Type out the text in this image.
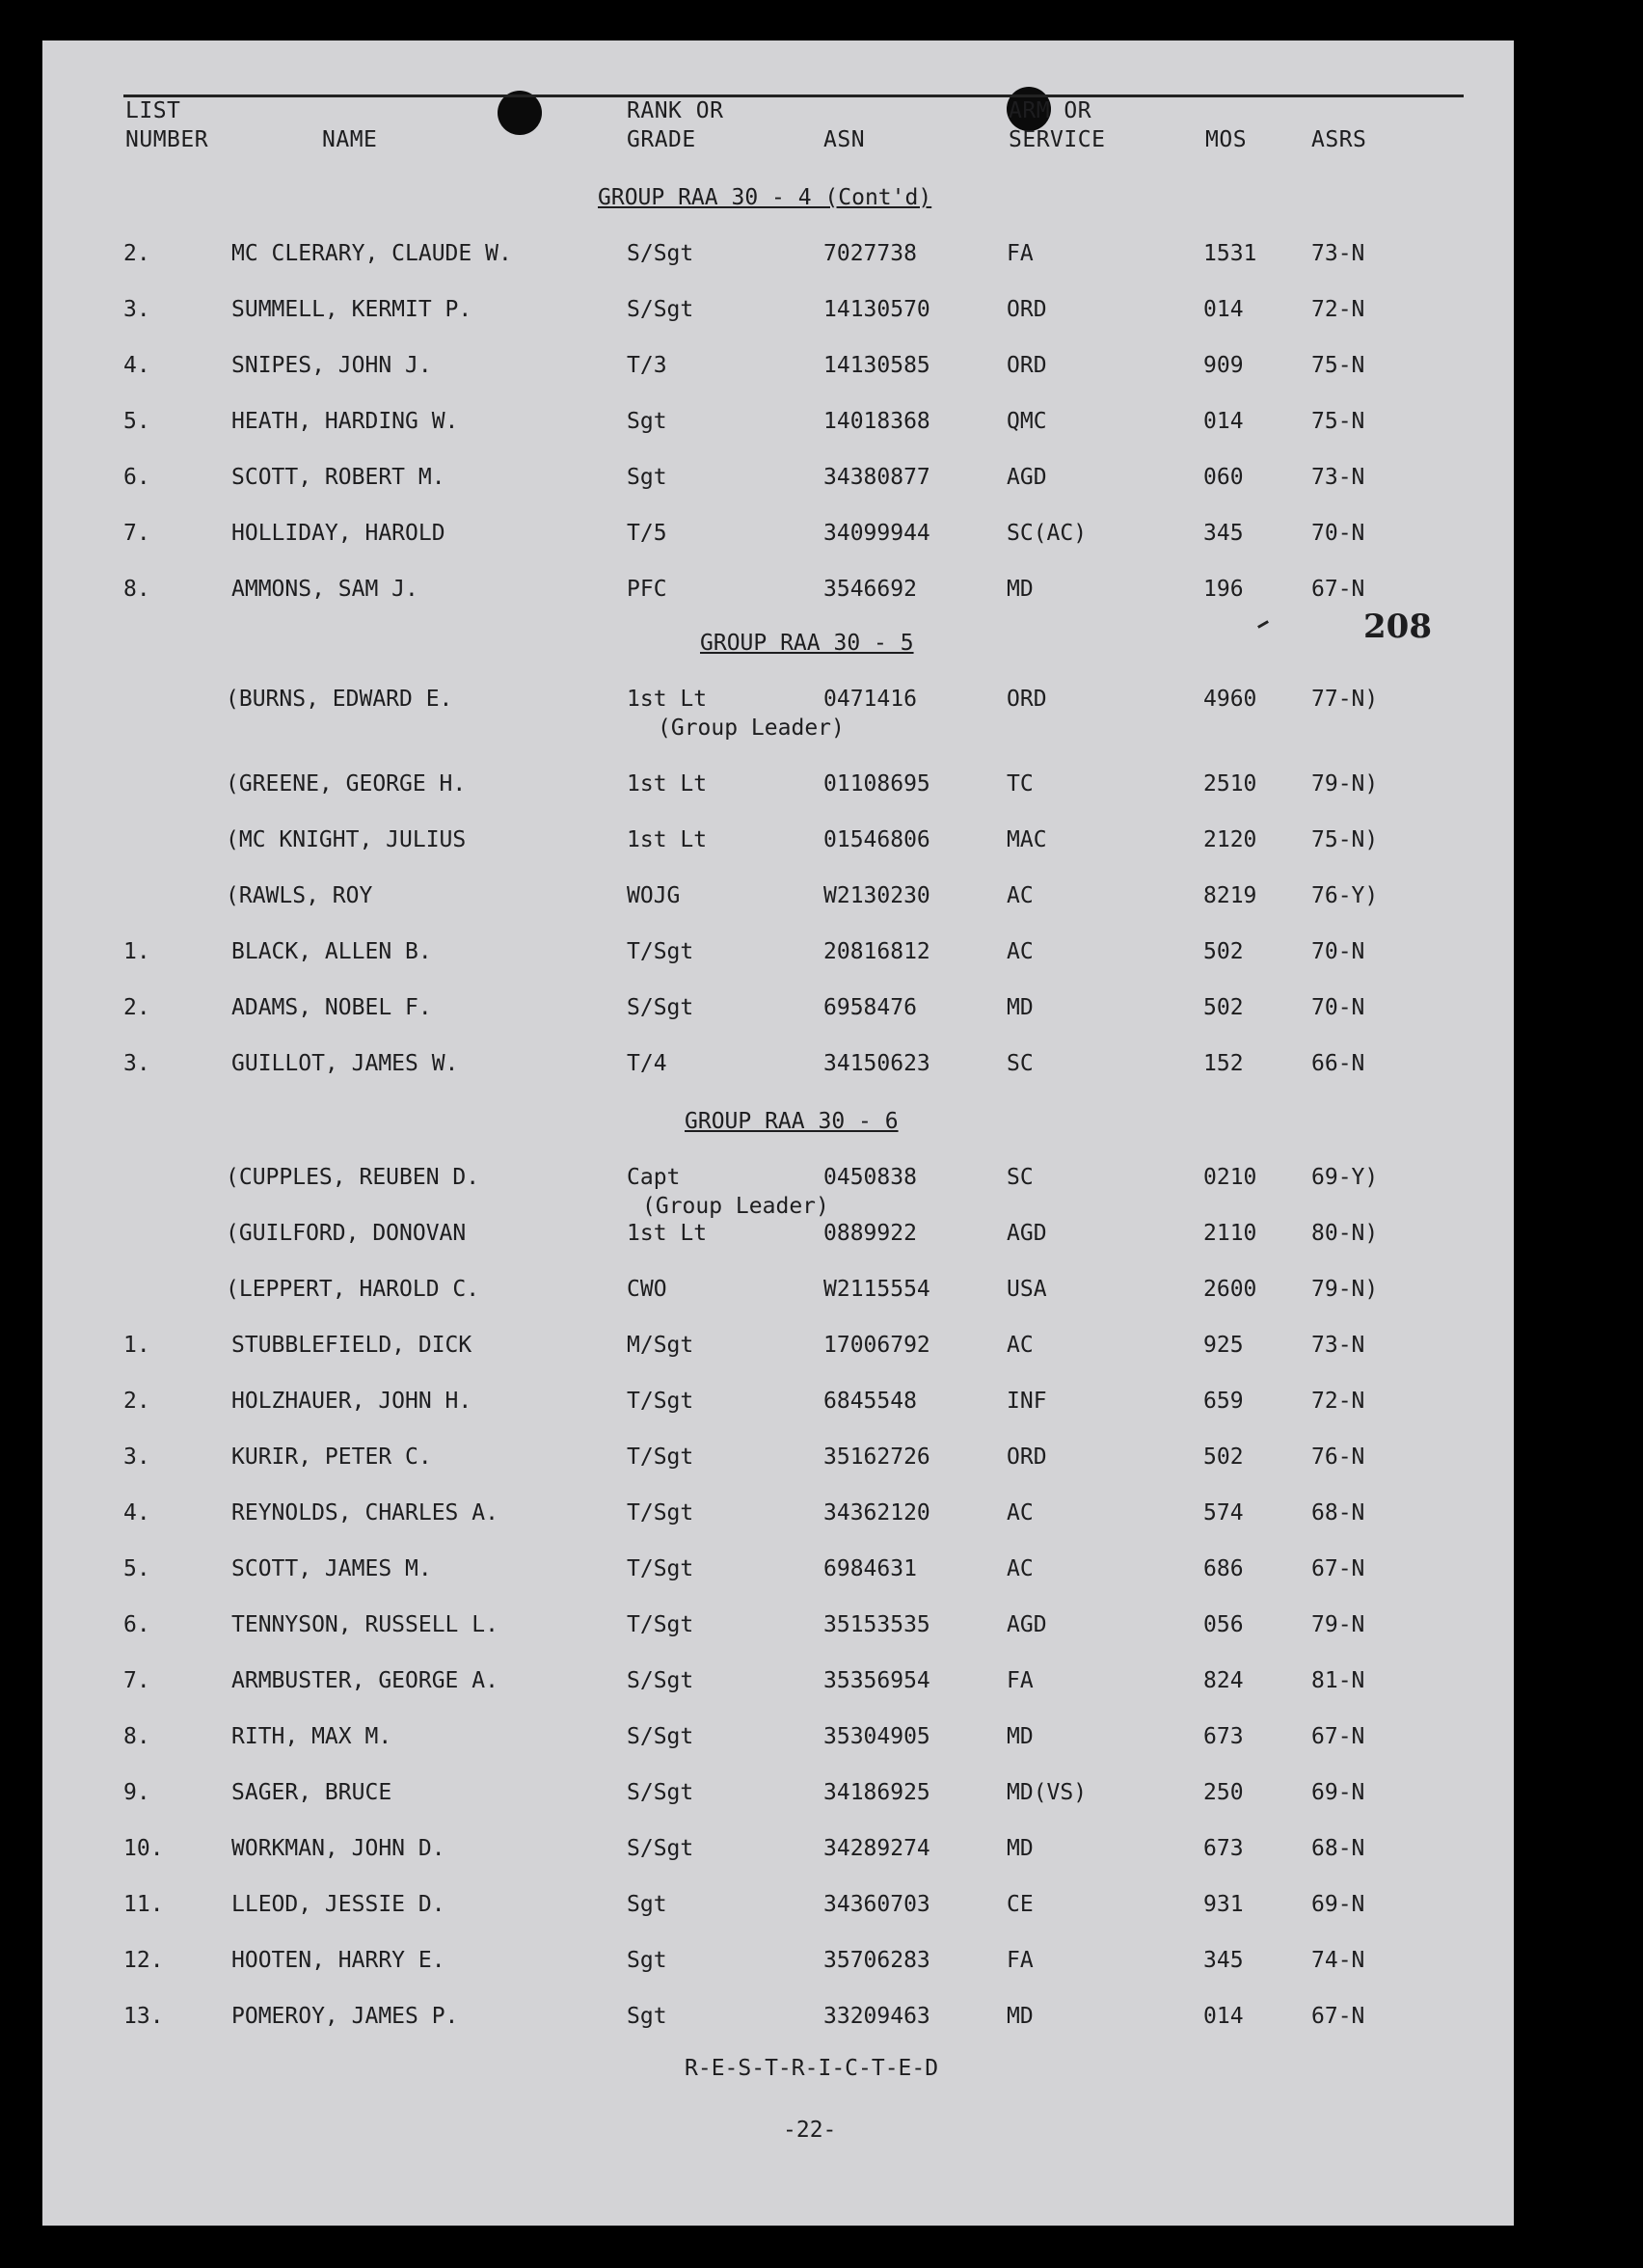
LIST
NUMBER	NAME
RANK OR
GRADE	ASN
ARM OR
SERVICE	MOS	ASRS
208
GROUP RAA 30 - 4 (Cont'd)
2.	MC CLERARY, CLAUDE W.	S/Sgt	7027738	FA	1531 73-N
3.	SUMMELL, KERMIT P.	S/Sgt	14130570	ORD	014	72-N
4.	SNIPES, JOHN J.	T/3	14130585	ORD	909	75-N
5.	HEATH, HARDING W.	Sgt	14018368	QMC	014	75-N
6.	SCOTT, ROBERT M.	Sgt	34380877	AGD	060	73-N
7.	HOLLIDAY, HAROLD	T/5	34099944	SC(AC)	345	70-N
8.	AMMONS, SAM J.	PFC	3546692	MD	196	67-N
GROUP RAA 30 - 5
(BURNS, EDWARD E.	1st Lt	0471416	ORD	4960 77-N)
(Group Leader)
(GREENE, GEORGE H.	1st Lt	01108695	TC	2510 79-N)
(MC KNIGHT, JULIUS	1st Lt	01546806	MAC	2120 75-N)
(RAWLS, ROY	WOJG	W2130230	AC	8219 76-Y)
1.	BLACK, ALLEN B.	T/Sgt	20816812	AC	502	70-N
2.	ADAMS, NOBEL F.	S/Sgt	6958476	MD	502	70-N
3.	GUILLOT, JAMES W.	T/4	34150623	SC	152	66-N
GROUP RAA 30 - 6
(CUPPLES, REUBEN D.	Capt	0450838	SC	0210 69-Y)
(Group Leader)
(GUILFORD, DONOVAN	1st Lt	0889922	AGD	2110 80-N)
(LEPPERT, HAROLD C.	CWO	W2115554	USA	2600 79-N)
1.	STUBBLEFIELD, DICK	M/Sgt	17006792	AC	925	73-N
2.	HOLZHAUER, JOHN H.	T/Sgt	6845548	INF	659	72-N
3.	KURIR, PETER C.	T/Sgt	35162726	ORD	502	76-N
4.	REYNOLDS, CHARLES A.	T/Sgt	34362120	AC	574	68-N
5.	SCOTT, JAMES M.	T/Sgt	6984631	AC	686	67-N
6.	TENNYSON, RUSSELL L.	T/Sgt	35153535	AGD	056	79-N
7.	ARMBUSTER, GEORGE A.	S/Sgt	35356954	FA	824	81-N
8.	RITH, MAX M.	S/Sgt	35304905	MD	673	67-N
9.	SAGER, BRUCE	S/Sgt	34186925	MD(VS)	250	69-N
10.	WORKMAN, JOHN D.	S/Sgt	34289274	MD	673	68-N
11.	LLEOD, JESSIE D.	Sgt	34360703	CE	931	69-N
12.	HOOTEN, HARRY E.	Sgt	35706283	FA	345	74-N
13.	POMEROY, JAMES P.	Sgt	33209463	MD	014	67-N
R-E-S-T-R-I-C-T-E-D
-22-
